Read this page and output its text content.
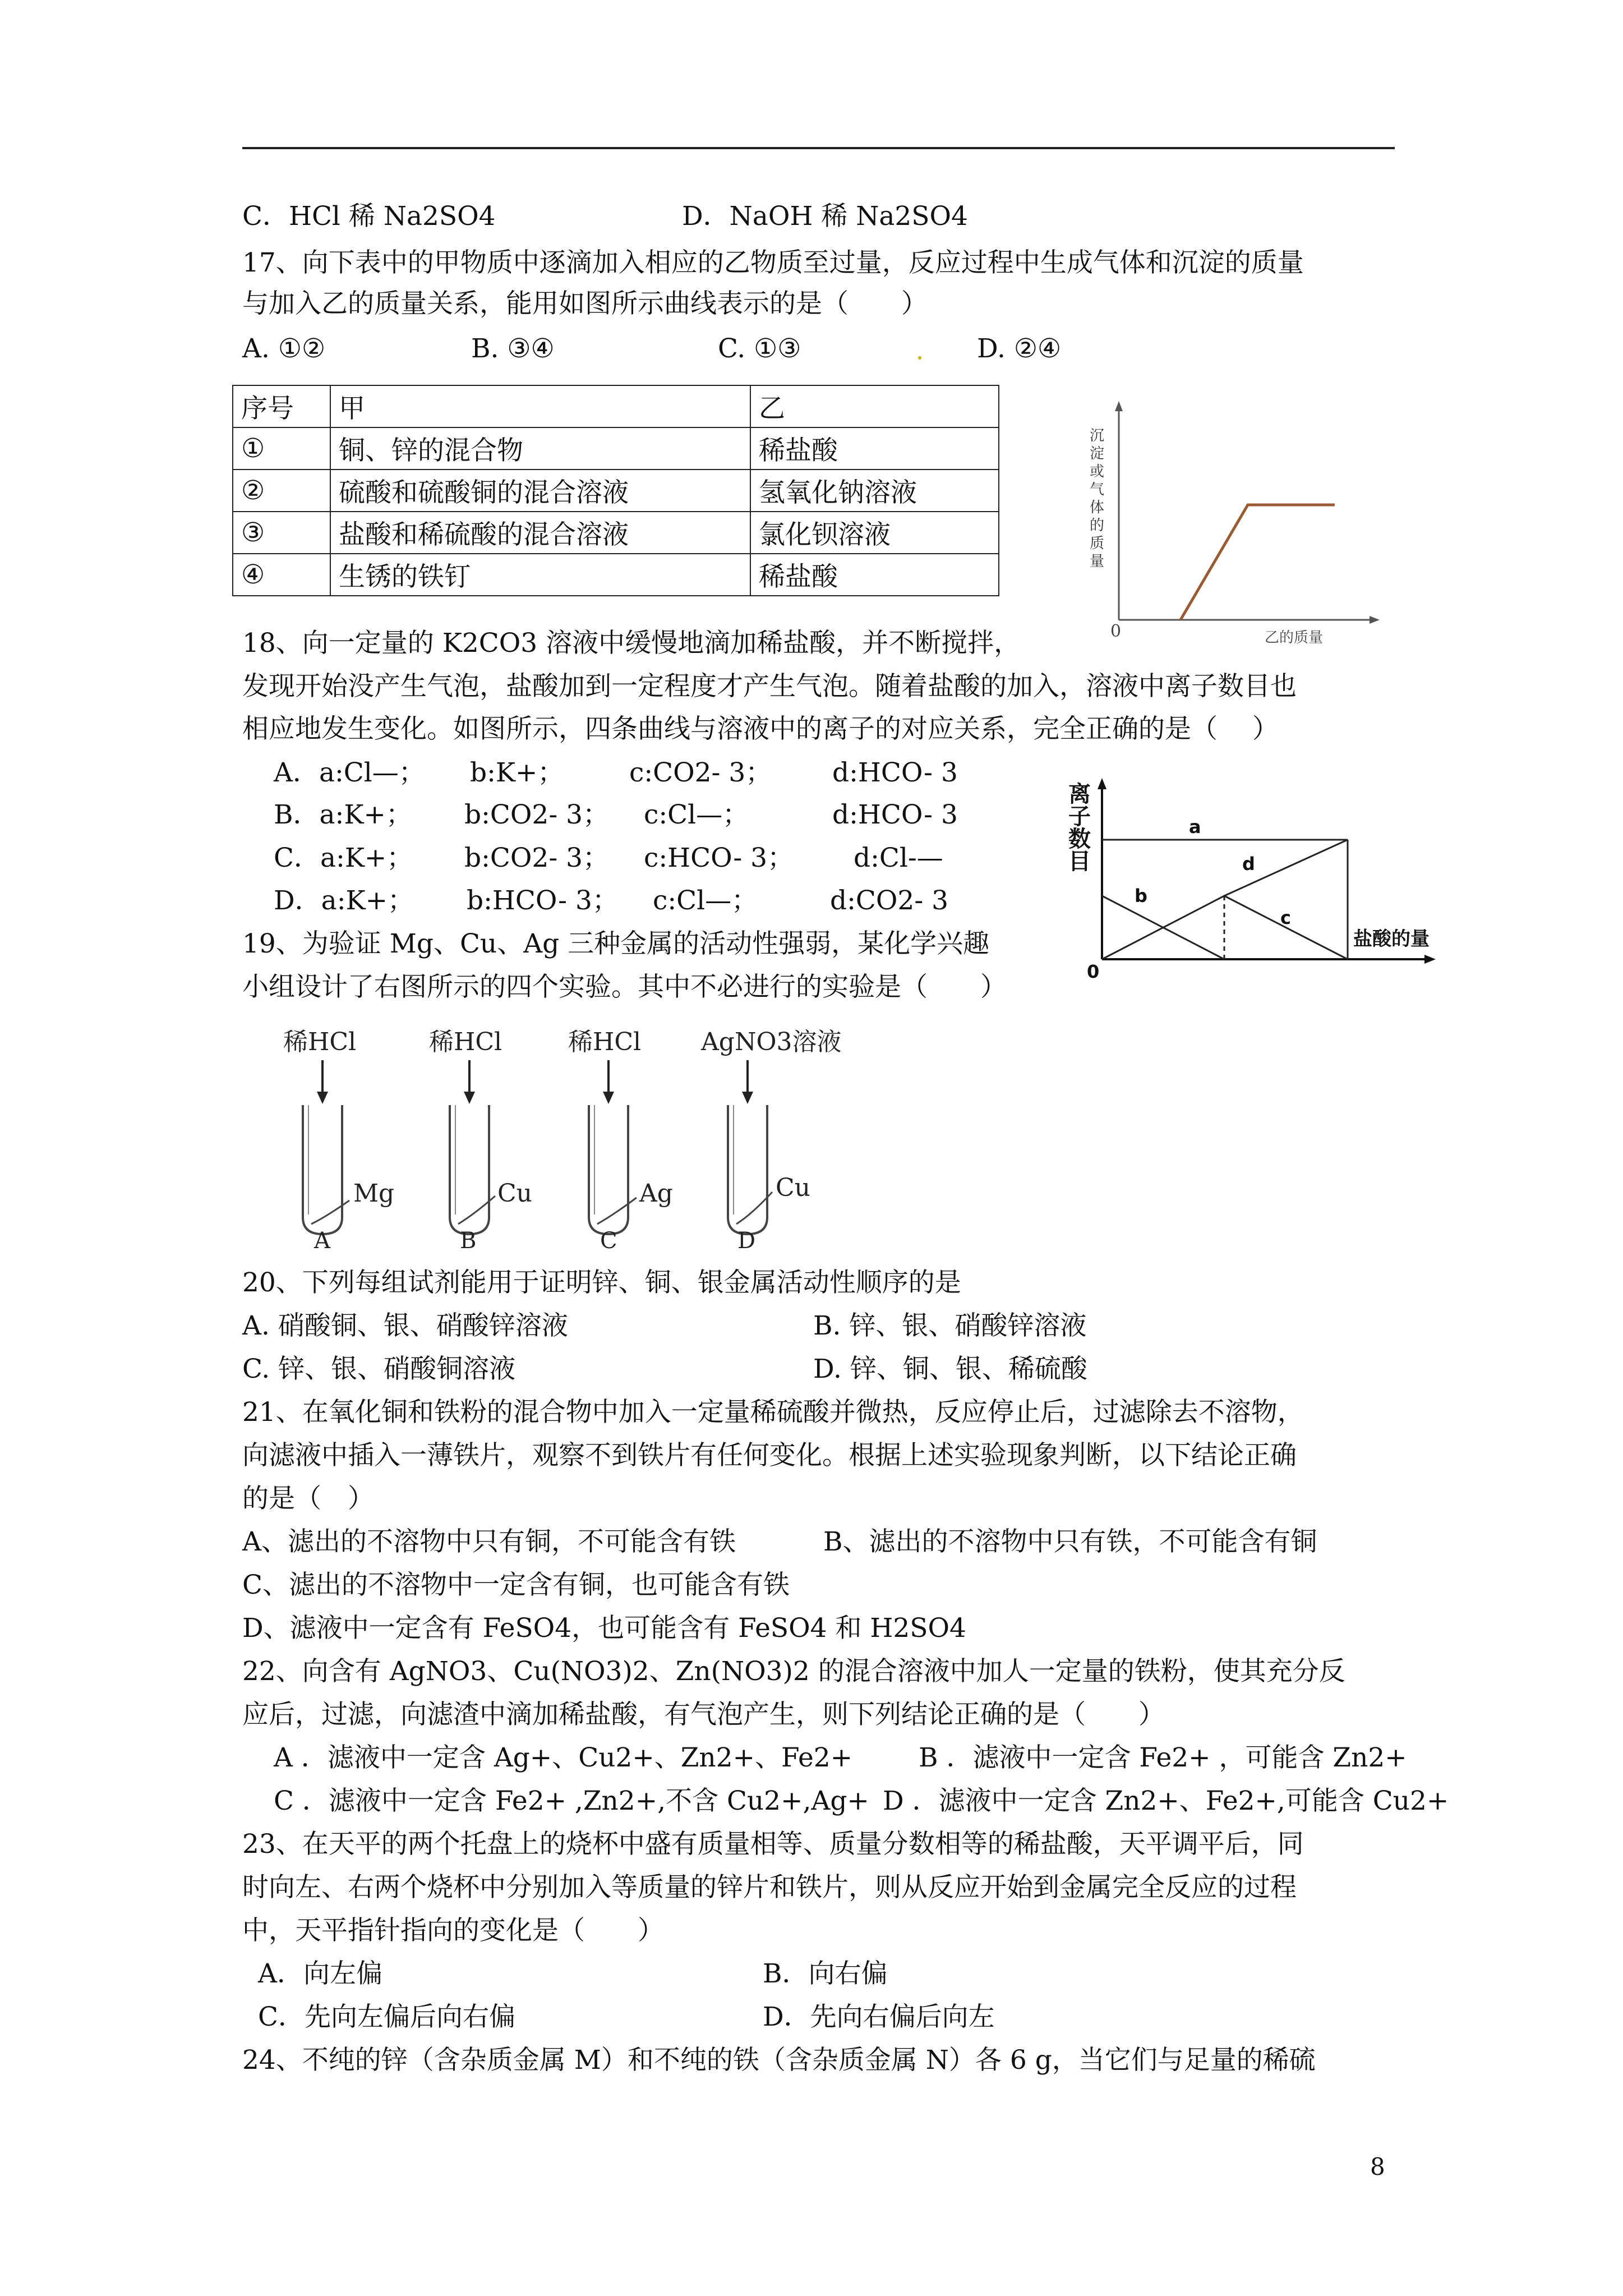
C．HCl 稀 Na2SO4

	D．NaOH 稀 Na2SO4

17、向下表中的甲物质中逐滴加入相应的乙物质至过量，反应过程中生成气体和沉淀的质量
与加入乙的质量关系，能用如图所示曲线表示的是（　　）

A. ①②

	B. ③④

	C. ①③

	D. ②④

序号	甲	乙
①	铜、锌的混合物	稀盐酸
②	硫酸和硫酸铜的混合溶液	氢氧化钠溶液
③	盐酸和稀硫酸的混合溶液	氯化钡溶液
④	生锈的铁钉	稀盐酸
沉
淀
或
气
体
的
质
量
0	乙的质量
18、向一定量的 K2CO3 溶液中缓慢地滴加稀盐酸，并不断搅拌，
发现开始没产生气泡，盐酸加到一定程度才产生气泡。随着盐酸的加入，溶液中离子数目也
相应地发生变化。如图所示，四条曲线与溶液中的离子的对应关系，完全正确的是（　 ）

A．a:Cl—；

b:K+；

c:CO2- 3；

d:HCO- 3

B．a:K+；

b:CO2- 3；

c:Cl—；

	d:HCO- 3

C．a:K+；

b:CO2- 3；

c:HCO- 3；

d:Cl-—

D．a:K+；

b:HCO- 3；

c:Cl—；

	d:CO2- 3

离
子
数
目
a
b
c
d
0
盐酸的量
19、为验证 Mg、Cu、Ag 三种金属的活动性强弱，某化学兴趣
小组设计了右图所示的四个实验。其中不必进行的实验是（　　）
稀HCl
Mg
A
稀HCl
Cu
B
稀HCl
Ag
C
AgNO3溶液
Cu
D
20、下列每组试剂能用于证明锌、铜、银金属活动性顺序的是

A. 硝酸铜、银、硝酸锌溶液

	B. 锌、银、硝酸锌溶液

C. 锌、银、硝酸铜溶液

	D. 锌、铜、银、稀硫酸

21、在氧化铜和铁粉的混合物中加入一定量稀硫酸并微热，反应停止后，过滤除去不溶物，
向滤液中插入一薄铁片，观察不到铁片有任何变化。根据上述实验现象判断，以下结论正确
的是（　）

A、滤出的不溶物中只有铜，不可能含有铁

	B、滤出的不溶物中只有铁，不可能含有铜

C、滤出的不溶物中一定含有铜，也可能含有铁
D、滤液中一定含有 FeSO4，也可能含有 FeSO4 和 H2SO4
22、向含有 AgNO3、Cu(NO3)2、Zn(NO3)2 的混合溶液中加人一定量的铁粉，使其充分反
应后，过滤，向滤渣中滴加稀盐酸，有气泡产生，则下列结论正确的是（　　）

A ．滤液中一定含 Ag+、Cu2+、Zn2+、Fe2+

	B ．滤液中一定含 Fe2+ ，可能含 Zn2+

C ．滤液中一定含 Fe2+ ,Zn2+,不含 Cu2+,Ag+

D ．滤液中一定含 Zn2+、Fe2+,可能含 Cu2+

23、在天平的两个托盘上的烧杯中盛有质量相等、质量分数相等的稀盐酸，天平调平后，同
时向左、右两个烧杯中分别加入等质量的锌片和铁片，则从反应开始到金属完全反应的过程
中，天平指针指向的变化是（　　）

A．向左偏

	B．向右偏

C．先向左偏后向右偏

	D．先向右偏后向左

24、不纯的锌（含杂质金属 M）和不纯的铁（含杂质金属 N）各 6 g，当它们与足量的稀硫
8
